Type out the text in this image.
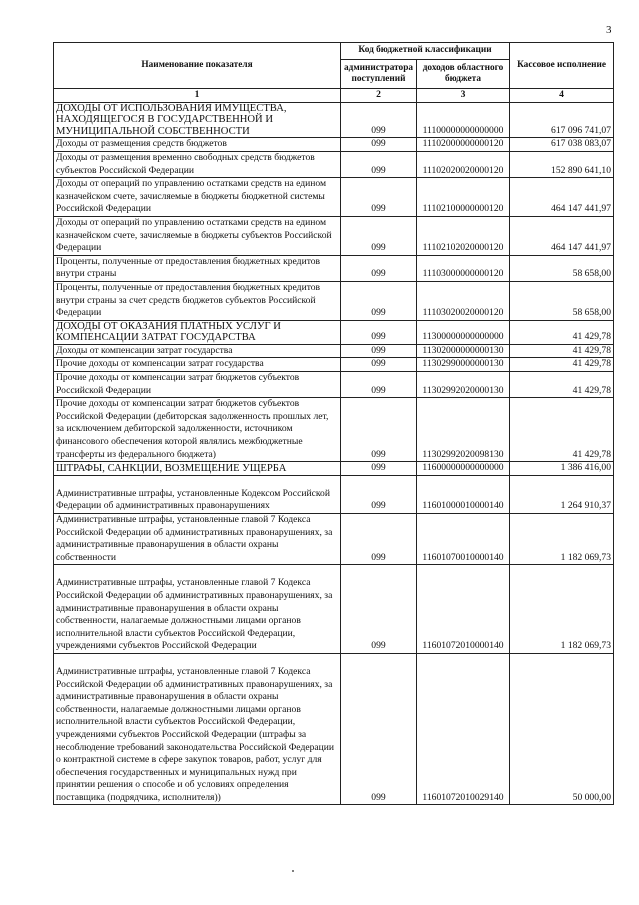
3
Наименование показателя	Код бюджетной классификации		Кассовое исполнение
	администратора поступлений	доходов областного бюджета	
1	2	3	4
ДОХОДЫ ОТ ИСПОЛЬЗОВАНИЯ ИМУЩЕСТВА, НАХОДЯЩЕГОСЯ В ГОСУДАРСТВЕННОЙ И МУНИЦИПАЛЬНОЙ СОБСТВЕННОСТИ	099	11100000000000000	617 096 741,07
Доходы от размещения средств бюджетов	099	11102000000000120	617 038 083,07
Доходы от размещения временно свободных средств бюджетов субъектов Российской Федерации	099	11102020020000120	152 890 641,10
Доходы от операций по управлению остатками средств на едином казначейском счете, зачисляемые в бюджеты бюджетной системы Российской Федерации	099	11102100000000120	464 147 441,97
Доходы от операций по управлению остатками средств на едином казначейском счете, зачисляемые в бюджеты субъектов Российской Федерации	099	11102102020000120	464 147 441,97
Проценты, полученные от предоставления бюджетных кредитов внутри страны	099	11103000000000120	58 658,00
Проценты, полученные от предоставления бюджетных кредитов внутри страны за счет средств бюджетов субъектов Российской Федерации	099	11103020020000120	58 658,00
ДОХОДЫ ОТ ОКАЗАНИЯ ПЛАТНЫХ УСЛУГ И КОМПЕНСАЦИИ ЗАТРАТ ГОСУДАРСТВА	099	11300000000000000	41 429,78
Доходы от компенсации затрат государства	099	11302000000000130	41 429,78
Прочие доходы от компенсации затрат государства	099	11302990000000130	41 429,78
Прочие доходы от компенсации затрат бюджетов субъектов Российской Федерации	099	11302992020000130	41 429,78
Прочие доходы от компенсации затрат бюджетов субъектов Российской Федерации (дебиторская задолженность прошлых лет, за исключением дебиторской задолженности, источником финансового обеспечения которой являлись межбюджетные трансферты из федерального бюджета)	099	11302992020098130	41 429,78
ШТРАФЫ, САНКЦИИ, ВОЗМЕЩЕНИЕ УЩЕРБА	099	11600000000000000	1 386 416,00
Административные штрафы, установленные Кодексом Российской Федерации об административных правонарушениях	099	11601000010000140	1 264 910,37
Административные штрафы, установленные главой 7 Кодекса Российской Федерации об административных правонарушениях, за административные правонарушения в области охраны собственности	099	11601070010000140	1 182 069,73
Административные штрафы, установленные главой 7 Кодекса Российской Федерации об административных правонарушениях, за административные правонарушения в области охраны собственности, налагаемые должностными лицами органов исполнительной власти субъектов Российской Федерации, учреждениями субъектов Российской Федерации	099	11601072010000140	1 182 069,73
Административные штрафы, установленные главой 7 Кодекса Российской Федерации об административных правонарушениях, за административные правонарушения в области охраны собственности, налагаемые должностными лицами органов исполнительной власти субъектов Российской Федерации, учреждениями субъектов Российской Федерации (штрафы за несоблюдение требований законодательства Российской Федерации о контрактной системе в сфере закупок товаров, работ, услуг для обеспечения государственных и муниципальных нужд при принятии решения о способе и об условиях определения поставщика (подрядчика, исполнителя))	099	11601072010029140	50 000,00
